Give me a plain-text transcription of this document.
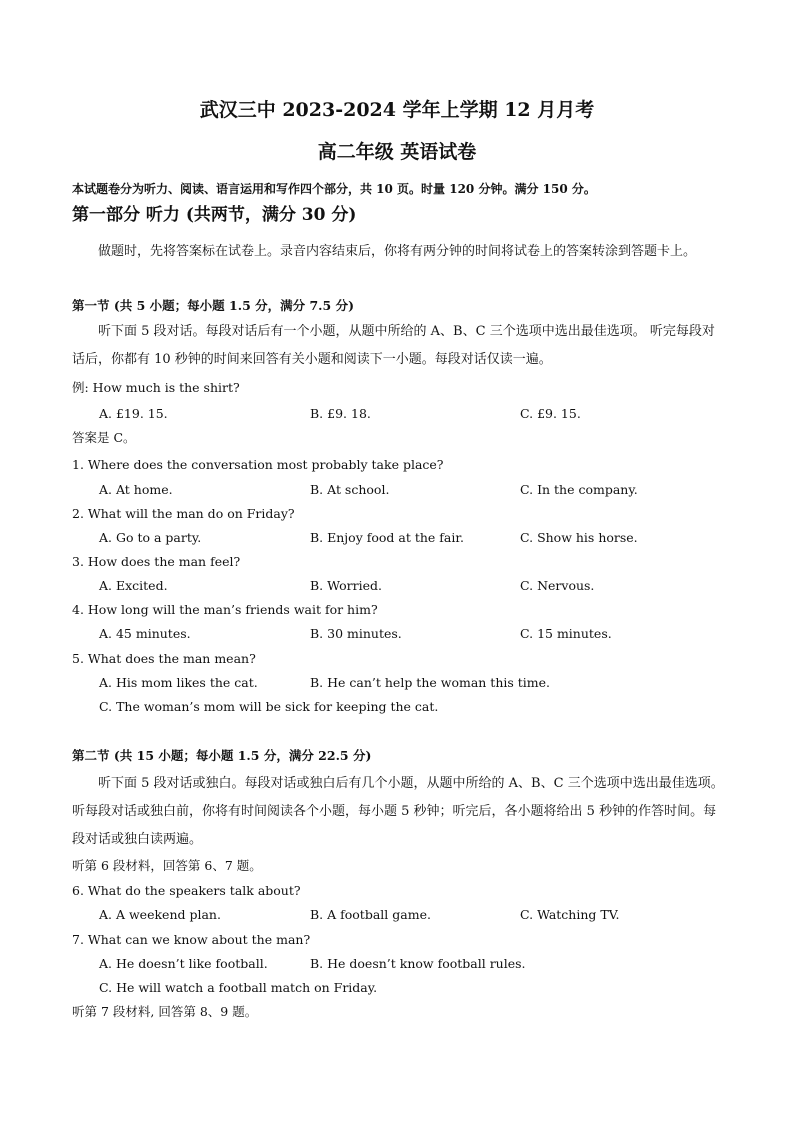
武汉三中 2023-2024 学年上学期 12 月月考
高二年级 英语试卷
本试题卷分为听力、阅读、语言运用和写作四个部分，共 10 页。时量 120 分钟。满分 150 分。
第一部分 听力 (共两节，满分 30 分)
做题时，先将答案标在试卷上。录音内容结束后，你将有两分钟的时间将试卷上的答案转涂到答题卡上。
第一节 (共 5 小题；每小题 1.5 分，满分 7.5 分)
听下面 5 段对话。每段对话后有一个小题，从题中所给的 A、B、C 三个选项中选出最佳选项。 听完每段对话后，你都有 10 秒钟的时间来回答有关小题和阅读下一小题。每段对话仅读一遍。
例: How much is the shirt?
A. £19. 15.	B. £9. 18.	C. £9. 15.
答案是 C。
1. Where does the conversation most probably take place?
A. At home.	B. At school.	C. In the company.
2. What will the man do on Friday?
A. Go to a party.	B. Enjoy food at the fair.	C. Show his horse.
3. How does the man feel?
A. Excited.	B. Worried.	C. Nervous.
4. How long will the man’s friends wait for him?
A. 45 minutes.	B. 30 minutes.	C. 15 minutes.
5. What does the man mean?
A. His mom likes the cat.	B. He can’t help the woman this time.
C. The woman’s mom will be sick for keeping the cat.
第二节 (共 15 小题；每小题 1.5 分，满分 22.5 分)
听下面 5 段对话或独白。每段对话或独白后有几个小题，从题中所给的 A、B、C 三个选项中选出最佳选项。听每段对话或独白前，你将有时间阅读各个小题，每小题 5 秒钟；听完后，各小题将给出 5 秒钟的作答时间。每段对话或独白读两遍。
听第 6 段材料，回答第 6、7 题。
6. What do the speakers talk about?
A. A weekend plan.	B. A football game.	C. Watching TV.
7. What can we know about the man?
A. He doesn’t like football.	B. He doesn’t know football rules.
C. He will watch a football match on Friday.
听第 7 段材料, 回答第 8、9 题。
